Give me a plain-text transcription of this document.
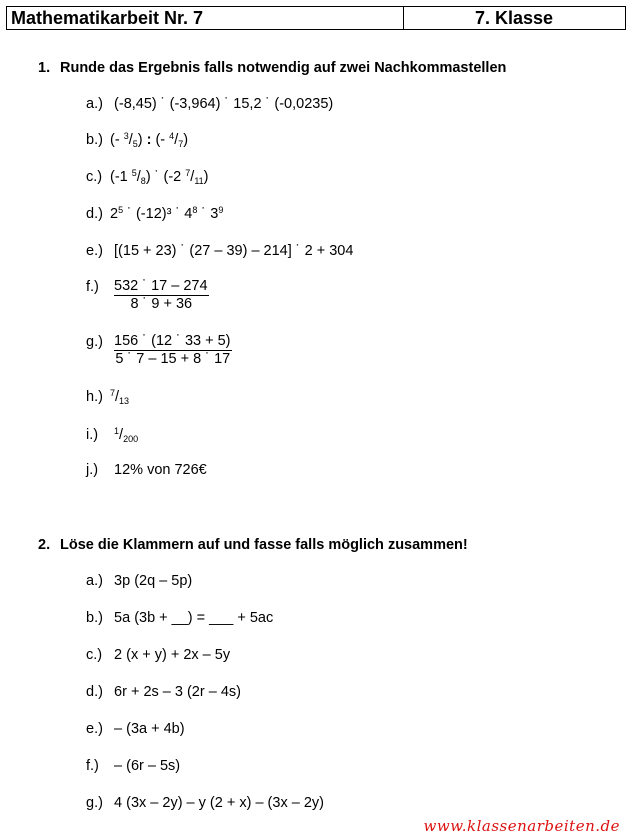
Mathematikarbeit Nr. 7	7. Klasse
1. Runde das Ergebnis falls notwendig auf zwei Nachkommastellen
a.) (-8,45) ˙ (-3,964) ˙ 15,2 ˙ (-0,0235)
b.) (- $^3/_5$) : (- $^4/_7$)
c.) (-1 $^5/_8$) ˙ (-2 $^7/_{11}$)
d.) $2^5$ ˙ (-12)³ ˙ $4^8$ ˙ $3^9$
e.) [(15 + 23) ˙ (27 – 39) – 214] ˙ 2 + 304
$f.) \frac{532 ˙ 17 - 274}{8 ˙ 9 + 36}$
$g.) \frac{156 ˙ (12 ˙ 33 + 5)}{5 ˙ 7 - 15 + 8 ˙ 17}$
h.) $^7/_{13}$
i.) $^1/_{200}$
j.) 12% von 726€
2. Löse die Klammern auf und fasse falls möglich zusammen!
a.) 3p (2q – 5p)
b.) 5a (3b + __) = ___ + 5ac
c.) 2 (x + y) + 2x – 5y
d.) 6r + 2s – 3 (2r – 4s)
e.) – (3a + 4b)
f.) – (6r – 5s)
g.) 4 (3x – 2y) – y (2 + x) – (3x – 2y)
www.klassenarbeiten.de
